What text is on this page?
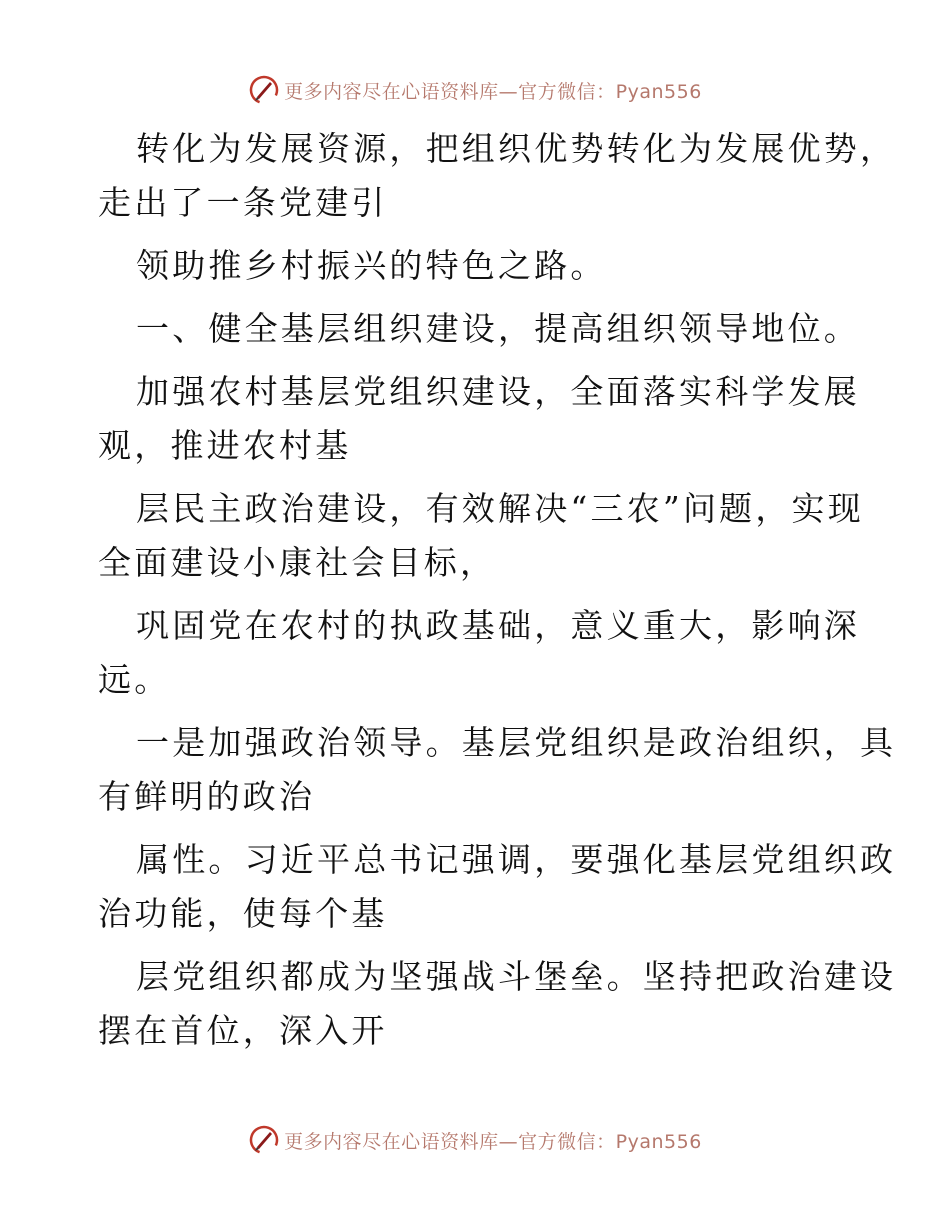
更多内容尽在心语资料库—官方微信：Pyan556

转化为发展资源，把组织优势转化为发展优势，
走出了一条党建引

领助推乡村振兴的特色之路。

一、健全基层组织建设，提高组织领导地位。

加强农村基层党组织建设，全面落实科学发展
观，推进农村基

层民主政治建设，有效解决“三农”问题，实现
全面建设小康社会目标，

巩固党在农村的执政基础，意义重大，影响深
远。

一是加强政治领导。基层党组织是政治组织，具
有鲜明的政治

属性。习近平总书记强调，要强化基层党组织政
治功能，使每个基

层党组织都成为坚强战斗堡垒。坚持把政治建设
摆在首位，深入开

更多内容尽在心语资料库—官方微信：Pyan556
